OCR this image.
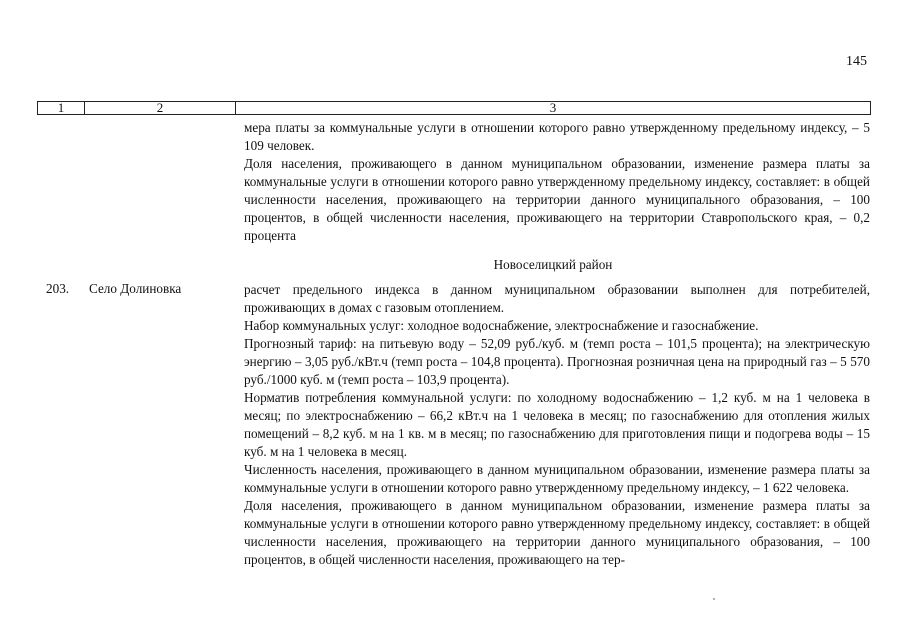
145
1	2	3

мера платы за коммунальные услуги в отношении которого равно утвержденному предельному индексу, – 5 109 человек.

Доля населения, проживающего в данном муниципальном образовании, изменение размера платы за коммунальные услуги в отношении которого равно утвержденному предельному индексу, составляет: в общей численности населения, проживающего на территории данного муниципального образования, – 100 процентов, в общей численности населения, проживающего на территории Ставропольского края, – 0,2 процента

Новоселицкий район
203.	Село Долиновка	расчет предельного индекса в данном муниципальном образовании выполнен для потребителей, проживающих в домах с газовым отоплением.

Набор коммунальных услуг: холодное водоснабжение, электроснабжение и газоснабжение.

Прогнозный тариф: на питьевую воду – 52,09 руб./куб. м (темп роста – 101,5 процента); на электрическую энергию – 3,05 руб./кВт.ч (темп роста – 104,8 процента). Прогнозная розничная цена на природный газ – 5 570 руб./1000 куб. м (темп роста – 103,9 процента).

Норматив потребления коммунальной услуги: по холодному водоснабжению – 1,2 куб. м на 1 человека в месяц; по электроснабжению – 66,2 кВт.ч на 1 человека в месяц; по газоснабжению для отопления жилых помещений – 8,2 куб. м на 1 кв. м в месяц; по газоснабжению для приготовления пищи и подогрева воды – 15 куб. м на 1 человека в месяц.

Численность населения, проживающего в данном муниципальном образовании, изменение размера платы за коммунальные услуги в отношении которого равно утвержденному предельному индексу, – 1 622 человека.

Доля населения, проживающего в данном муниципальном образовании, изменение размера платы за коммунальные услуги в отношении которого равно утвержденному предельному индексу, составляет: в общей численности населения, проживающего на территории данного муниципального образования, – 100 процентов, в общей численности населения, проживающего на тер-
